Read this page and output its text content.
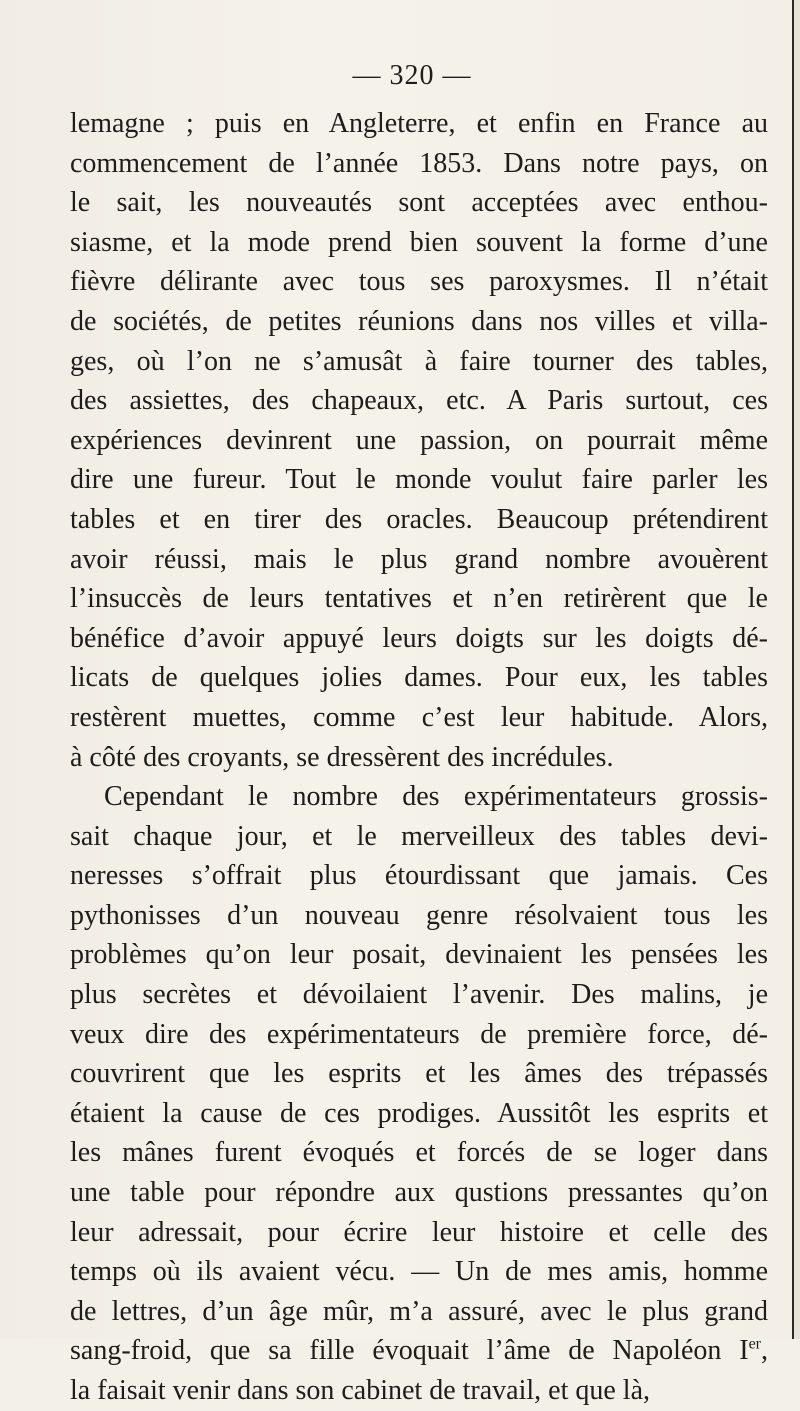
— 320 —
lemagne ; puis en Angleterre, et enfin en France au
commencement de l’année 1853. Dans notre pays, on
le sait, les nouveautés sont acceptées avec enthou-
siasme, et la mode prend bien souvent la forme d’une
fièvre délirante avec tous ses paroxysmes. Il n’était
de sociétés, de petites réunions dans nos villes et villa-
ges, où l’on ne s’amusât à faire tourner des tables,
des assiettes, des chapeaux, etc. A Paris surtout, ces
expériences devinrent une passion, on pourrait même
dire une fureur. Tout le monde voulut faire parler les
tables et en tirer des oracles. Beaucoup prétendirent
avoir réussi, mais le plus grand nombre avouèrent
l’insuccès de leurs tentatives et n’en retirèrent que le
bénéfice d’avoir appuyé leurs doigts sur les doigts dé-
licats de quelques jolies dames. Pour eux, les tables
restèrent muettes, comme c’est leur habitude. Alors,
à côté des croyants, se dressèrent des incrédules.
Cependant le nombre des expérimentateurs grossis-
sait chaque jour, et le merveilleux des tables devi-
neresses s’offrait plus étourdissant que jamais. Ces
pythonisses d’un nouveau genre résolvaient tous les
problèmes qu’on leur posait, devinaient les pensées les
plus secrètes et dévoilaient l’avenir. Des malins, je
veux dire des expérimentateurs de première force, dé-
couvrirent que les esprits et les âmes des trépassés
étaient la cause de ces prodiges. Aussitôt les esprits et
les mânes furent évoqués et forcés de se loger dans
une table pour répondre aux qustions pressantes qu’on
leur adressait, pour écrire leur histoire et celle des
temps où ils avaient vécu. — Un de mes amis, homme
de lettres, d’un âge mûr, m’a assuré, avec le plus grand
sang-froid, que sa fille évoquait l’âme de Napoléon Ier,
la faisait venir dans son cabinet de travail, et que là,
